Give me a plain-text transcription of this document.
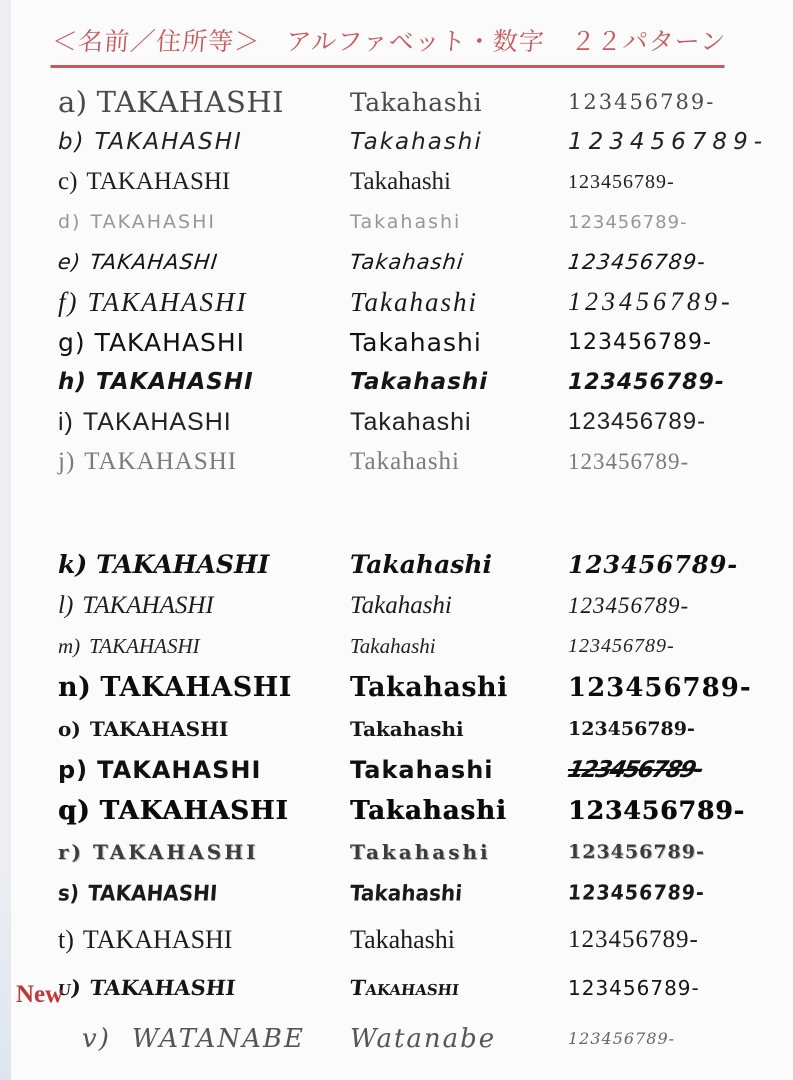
＜名前／住所等＞　アルファベット・数字　２２パターン
a) TAKAHASHI	Takahashi	123456789-
b) TAKAHASHI	Takahashi	123456789-
c) TAKAHASHI	Takahashi	123456789-
d) TAKAHASHI	Takahashi	123456789-
e) TAKAHASHI	Takahashi	123456789-
f) TAKAHASHI	Takahashi	123456789-
g) TAKAHASHI	Takahashi	123456789-
h) TAKAHASHI	Takahashi	123456789-
i) TAKAHASHI	Takahashi	123456789-
j) TAKAHASHI	Takahashi	123456789-
k) TAKAHASHI	Takahashi	123456789-
l) TAKAHASHI	Takahashi	123456789-
m) TAKAHASHI	Takahashi	123456789-
n) TAKAHASHI	Takahashi	123456789-
o) TAKAHASHI	Takahashi	123456789-
p) TAKAHASHI	Takahashi	123456789-
q) TAKAHASHI	Takahashi	123456789-
r) TAKAHASHI	Takahashi	123456789-
s) TAKAHASHI	Takahashi	123456789-
t) TAKAHASHI	Takahashi	123456789-
u) TAKAHASHI	Takahashi	123456789-
v) WATANABE	Watanabe	123456789-
New
